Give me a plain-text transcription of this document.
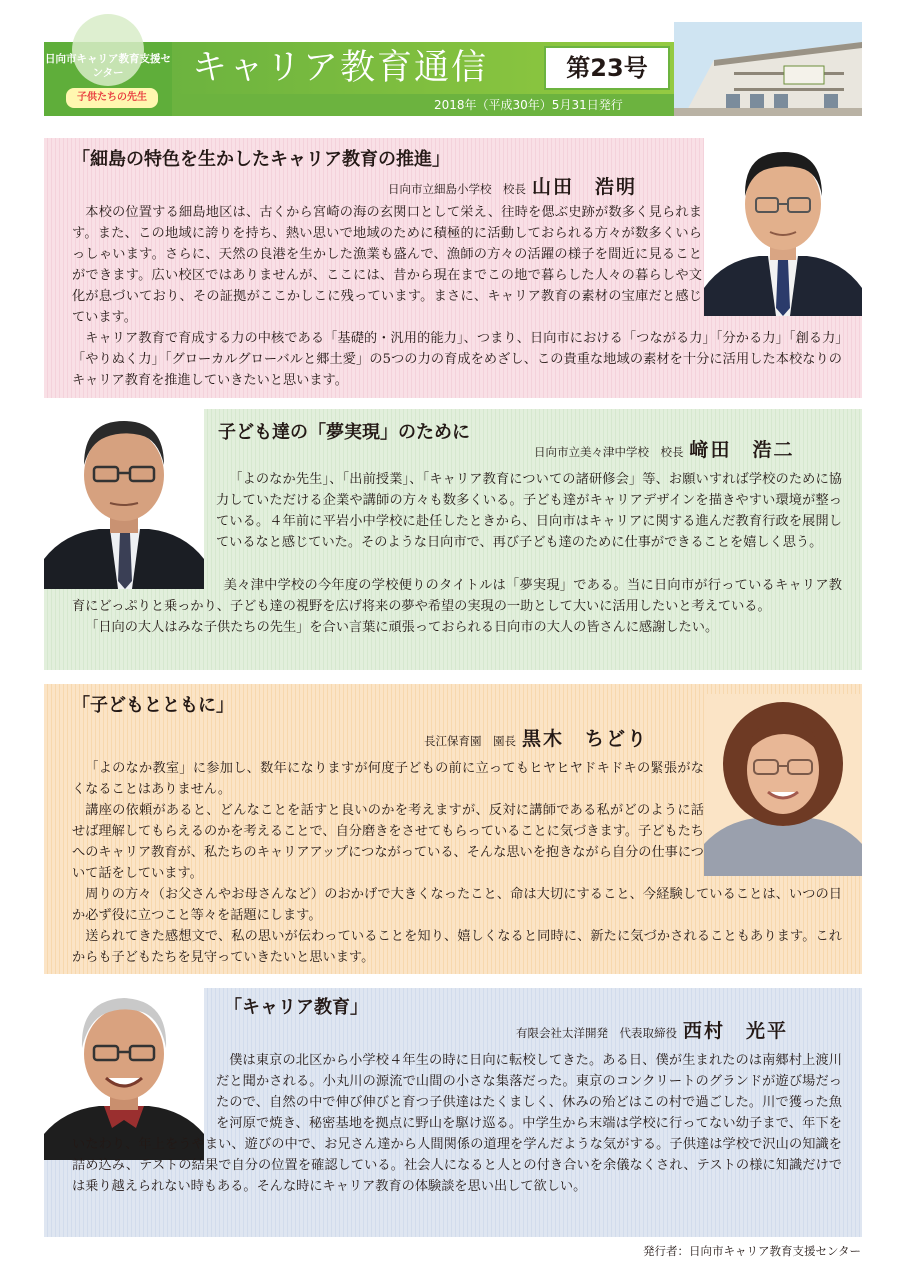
日向市キャリア教育支援センター
子供たちの先生
キャリア教育通信	第23号
2018年（平成30年）5月31日発行
「細島の特色を生かしたキャリア教育の推進」
日向市立細島小学校　校長 山田　浩明

本校の位置する細島地区は、古くから宮崎の海の玄関口として栄え、往時を偲ぶ史跡が数多く見られます。また、この地域に誇りを持ち、熱い思いで地域のために積極的に活動しておられる方々が数多くいらっしゃいます。さらに、天然の良港を生かした漁業も盛んで、漁師の方々の活躍の様子を間近に見ることができます。広い校区ではありませんが、ここには、昔から現在までこの地で暮らした人々の暮らしや文化が息づいており、その証拠がここかしこに残っています。まさに、キャリア教育の素材の宝庫だと感じています。

キャリア教育で育成する力の中核である「基礎的・汎用的能力」、つまり、日向市における「つながる力」「分かる力」「創る力」「やりぬく力」「グローカルグローバルと郷土愛」の5つの力の育成をめざし、この貴重な地域の素材を十分に活用した本校なりのキャリア教育を推進していきたいと思います。

子ども達の「夢実現」のために
日向市立美々津中学校　校長 﨑田　浩二

「よのなか先生」、「出前授業」、「キャリア教育についての諸研修会」等、お願いすれば学校のために協力していただける企業や講師の方々も数多くいる。子ども達がキャリアデザインを描きやすい環境が整っている。４年前に平岩小中学校に赴任したときから、日向市はキャリアに関する進んだ教育行政を展開しているなと感じていた。そのような日向市で、再び子ども達のために仕事ができることを嬉しく思う。

美々津中学校の今年度の学校便りのタイトルは「夢実現」である。当に日向市が行っているキャリア教育にどっぷりと乗っかり、子ども達の視野を広げ将来の夢や希望の実現の一助として大いに活用したいと考えている。

「日向の大人はみな子供たちの先生」を合い言葉に頑張っておられる日向市の大人の皆さんに感謝したい。

「子どもとともに」
長江保育園　園長 黒木　ちどり

「よのなか教室」に参加し、数年になりますが何度子どもの前に立ってもヒヤヒヤドキドキの緊張がなくなることはありません。

講座の依頼があると、どんなことを話すと良いのかを考えますが、反対に講師である私がどのように話せば理解してもらえるのかを考えることで、自分磨きをさせてもらっていることに気づきます。子どもたちへのキャリア教育が、私たちのキャリアアップにつながっている、そんな思いを抱きながら自分の仕事について話をしています。

周りの方々（お父さんやお母さんなど）のおかげで大きくなったこと、命は大切にすること、今経験していることは、いつの日か必ず役に立つこと等々を話題にします。

送られてきた感想文で、私の思いが伝わっていることを知り、嬉しくなると同時に、新たに気づかされることもあります。これからも子どもたちを見守っていきたいと思います。

「キャリア教育」
有限会社太洋開発　代表取締役 西村　光平

僕は東京の北区から小学校４年生の時に日向に転校してきた。ある日、僕が生まれたのは南郷村上渡川だと聞かされる。小丸川の源流で山間の小さな集落だった。東京のコンクリートのグランドが遊び場だったので、自然の中で伸び伸びと育つ子供達はたくましく、休みの殆どはこの村で過ごした。川で獲った魚を河原で焼き、秘密基地を拠点に野山を駆け巡る。中学生から末端は学校に行ってない幼子まで、年下をいたわり、年上をうやまい、遊びの中で、お兄さん達から人間関係の道理を学んだような気がする。子供達は学校で沢山の知識を詰め込み、テストの結果で自分の位置を確認している。社会人になると人との付き合いを余儀なくされ、テストの様に知識だけでは乗り越えられない時もある。そんな時にキャリア教育の体験談を思い出して欲しい。

発行者：日向市キャリア教育支援センター
